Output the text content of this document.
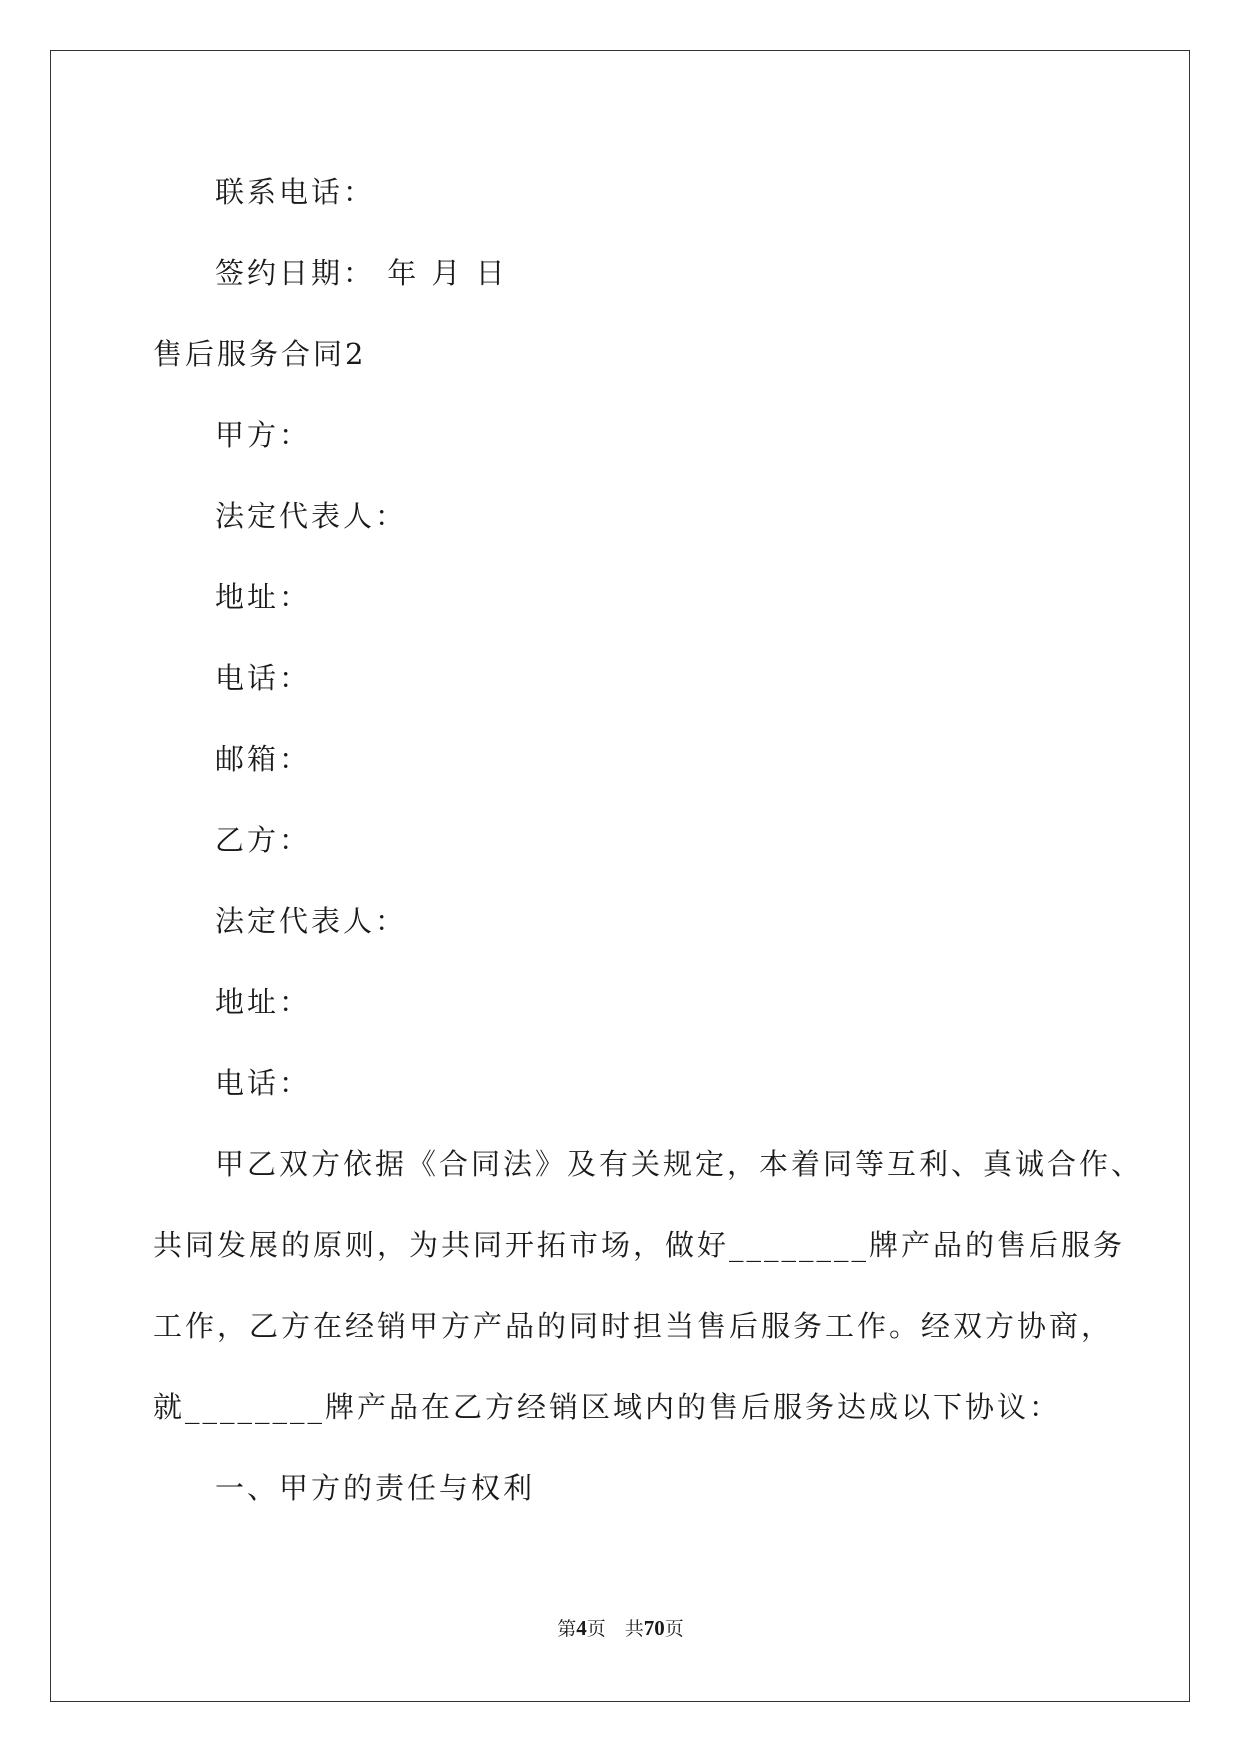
联系电话：
签约日期： 年 月 日
售后服务合同2
甲方：
法定代表人：
地址：
电话：
邮箱：
乙方：
法定代表人：
地址：
电话：
甲乙双方依据《合同法》及有关规定，本着同等互利、真诚合作、
共同发展的原则，为共同开拓市场，做好________牌产品的售后服务
工作，乙方在经销甲方产品的同时担当售后服务工作。经双方协商，
就________牌产品在乙方经销区域内的售后服务达成以下协议：
一、甲方的责任与权利
第4页　共70页
